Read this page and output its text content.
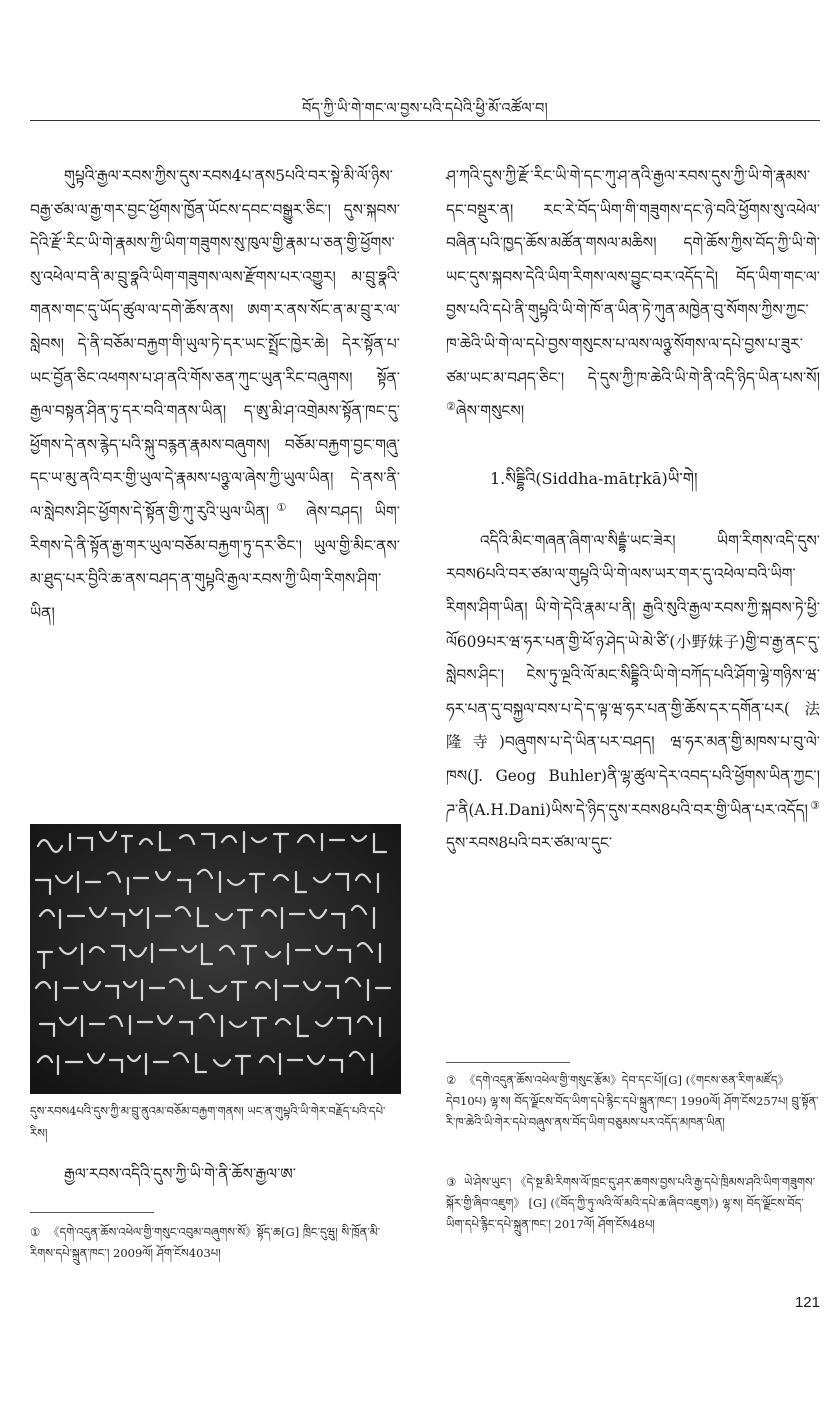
བོད་ཀྱི་ཡི་གེ་གང་ལ་བྱས་པའི་དཔེའི་ཕྱི་མོ་འཚོལ་བ།

གུཔྟའི་རྒྱལ་རབས་ཀྱིས་དུས་རབས4པ་ནས5པའི་བར་སྟེ་མི་ལོ་ཉིས་བརྒྱ་ཙམ་ལ་རྒྱ་གར་བྱང་ཕྱོགས་ཁྱོན་ཡོངས་དབང་བསྒྱུར་ཅིང་། དུས་སྐབས་དེའི་རྫོ་རིང་ཡི་གེ་རྣམས་ཀྱི་ཡིག་གཟུགས་སུ་ཁུལ་གྱི་རྣམ་པ་ཅན་གྱི་ཕྱོགས་སུ་འཕེལ་བ་ནི་མ་བྲུ་ཧྣའི་ཡིག་གཟུགས་ལས་རྫོགས་པར་འགྱུར། མ་བྲུ་ཧྣའི་གནས་གང་དུ་ཡོད་ཚུལ་ལ་དགེ་ཆོས་ནས། ཨག་ར་ནས་སོང་ན་མ་བྲུ་ར་ལ་སླེབས། དེ་ནི་བཅོམ་བརྐྱག་གི་ཡུལ་ཏེ་དར་ཡང་སྤྲོང་ཁྱེར་ཆེ། དེར་སྟོན་པ་ཡང་བྱོན་ཅིང་འཕགས་པ་ཤ་ནའི་གོས་ཅན་ཀུང་ཡུན་རིང་བཞུགས། སྟོན་རྒྱལ་བསྟན་ཤིན་ཏུ་དར་བའི་གནས་ཡིན། ད་ཨུ་མི་ཤ་འགྲེམས་སྟོན་ཁང་དུ་ཕྱོགས་དེ་ནས་རྙེད་པའི་སྐུ་བརྙན་རྣམས་བཞུགས། བཅོམ་བརྐྱག་བྱང་གཞུ་དང་ཡ་མུ་ནའི་བར་གྱི་ཡུལ་དེ་རྣམས་པཉྩ་ལ་ཞེས་ཀྱི་ཡུལ་ཡིན། དེ་ནས་ནི་ལ་སླེབས་ཤིང་ཕྱོགས་དེ་སྟོན་གྱི་ཀུ་རུའི་ཡུལ་ཡིན།① ཞེས་བཤད། ཡིག་རིགས་དེ་ནི་སྟོན་རྒྱ་གར་ཡུལ་བཅོམ་བརྐྱག་ཏུ་དར་ཅིང་། ཡུལ་གྱི་མིང་ནས་མ་ཐུད་པར་བྱིའི་ཆ་ནས་བཤད་ན་གུཔྟའི་རྒྱལ་རབས་ཀྱི་ཡིག་རིགས་ཤིག་ཡིན།

དུས་རབས4པའི་དུས་ཀྱི་མ་བྲུ་ནུའམ་བཅོམ་བརྐྱག་གནས། ཡང་ན་གུཔྟའི་ཡི་གེར་བརྗོད་པའི་དཔེ་རིས།
རྒྱལ་རབས་འདིའི་དུས་ཀྱི་ཡི་གེ་ནི་ཆོས་རྒྱལ་ཨ་
① 《དགེ་འདུན་ཆོས་འཕེལ་གྱི་གསུང་འབུམ་བཞུགས་སོ》སྟོད་ཆ[G] ཁྲིང་དུཝུ། སི་ཁྲོན་མི་རིགས་དཔེ་སྐྲུན་ཁང་། 2009ལོ། ཤོག་ངོས403པ།

ཤ་ཀའི་དུས་ཀྱི་རྫོ་རིང་ཡི་གེ་དང་ཀུ་ཤ་ནའི་རྒྱལ་རབས་དུས་ཀྱི་ཡི་གེ་རྣམས་དང་བསྡུར་ན། རང་རེ་བོད་ཡིག་གི་གཟུགས་དང་ཉེ་བའི་ཕྱོགས་སུ་འཕེལ་བཞིན་པའི་ཁྱད་ཆོས་མཚོན་གསལ་མཆིས། དགེ་ཆོས་ཀྱིས་བོད་ཀྱི་ཡི་གེ་ཡང་དུས་སྐབས་དེའི་ཡིག་རིགས་ལས་བྱུང་བར་འདོད་དེ། བོད་ཡིག་གང་ལ་བྱས་པའི་དཔེ་ནི་གུཔྟའི་ཡི་གེ་ཁོ་ན་ཡིན་ཏེ་ཀུན་མཁྱེན་བུ་སོགས་ཀྱིས་ཀྱང་ཁ་ཆེའི་ཡི་གེ་ལ་དཔེ་བྱས་གསུངས་པ་ལས་ལཉྩ་སོགས་ལ་དཔེ་བྱས་པ་ཟུར་ཙམ་ཡང་མ་བཤད་ཅིང་། དེ་དུས་ཀྱི་ཁ་ཆེའི་ཡི་གེ་ནི་འདི་ཉིད་ཡིན་པས་སོ། ②ཞེས་གསུངས།

1.སིདྡྷིའི(Siddha-mātṛkā)ཡི་གེ།

འདིའི་མིང་གཞན་ཞིག་ལ་སིདྡྷཾ་ཡང་ཟེར། ཡིག་རིགས་འདི་དུས་རབས6པའི་བར་ཙམ་ལ་གུཔྟའི་ཡི་གེ་ལས་ཡར་གར་དུ་འཕེལ་བའི་ཡིག་རིགས་ཤིག་ཡིན། ཡི་གེ་དེའི་རྣམ་པ་ནི། རྒྱའི་སུའི་རྒྱལ་རབས་ཀྱི་སྐབས་ཏེ་ཕྱི་ལོ609པར་ཝ་ཧར་པན་གྱི་ཕོ་ཉ་ཤེད་ཡེ་མེ་ཙི་(小野妹子)གྱི་བ་རྒྱ་ནང་དུ་སླེབས་ཤིང་། ངེས་ཏུ་ལྔའི་ལོ་མང་སིདྡྷིའི་ཡི་གེ་བཀོད་པའི་ཤོག་ལྷེ་གཉིས་ཝ་ཧར་པན་དུ་བསྐྱལ་བས་པ་དེ་ད་ལྟ་ཝ་ཧར་པན་གྱི་ཆོས་དར་དགོན་པར(法隆寺)བཞུགས་པ་དེ་ཡིན་པར་བཤད། ཝ་ཧར་མན་གྱི་མཁས་པ་བུ་ལེ་ཁས(J. Geog Buhler)ནི་ལྷ་ཚུལ་དེར་འབད་པའི་ཕྱོགས་ཡིན་ཀྱང་། ཌ་ནི(A.H.Dani)ཡིས་དེ་ཉིད་དུས་རབས8པའི་བར་གྱི་ཡིན་པར་འདོད།③ དུས་རབས8པའི་བར་ཙམ་ལ་དུང་

② 《དགེ་འདུན་ཆོས་འཕེལ་གྱི་གསུང་རྩོམ》དེབ་དང་པོ།[G] (《གངས་ཅན་རིག་མཛོད》 དེབ10པ) ལྷ་ས། བོད་ལྗོངས་བོད་ཡིག་དཔེ་རྙིང་དཔེ་སྐྲུན་ཁང་། 1990ལོ། ཤོག་ངོས257པ། བྲུ་སྟོན་རི་ཁ་ཆེའི་ཡི་གེར་དཔེ་བཞུས་ནས་བོད་ཡིག་བཅུམས་པར་འདོད་མཁན་ཡིན།
③ ཡེ་ཤེས་ཡུང་། 《དེ་སྔ་མི་རིགས་ལོ་ཁྲང་དུ་ཤར་ཆགས་བྱས་པའི་རྒྱ་དཔེ་ཁྲིམས་ཤའི་ཡིག་གཟུགས་སྐོར་གྱི་ཞིབ་འཇུག》 [G] (《བོད་ཀྱི་ཏུ་ལའི་ལོ་མའི་དཔེ་ཆ་ཞིབ་འཇུག》) ལྷ་ས། བོད་ལྗོངས་བོད་ཡིག་དཔེ་རྙིང་དཔེ་སྐྲུན་ཁང་། 2017ལོ། ཤོག་ངོས48པ།
121
